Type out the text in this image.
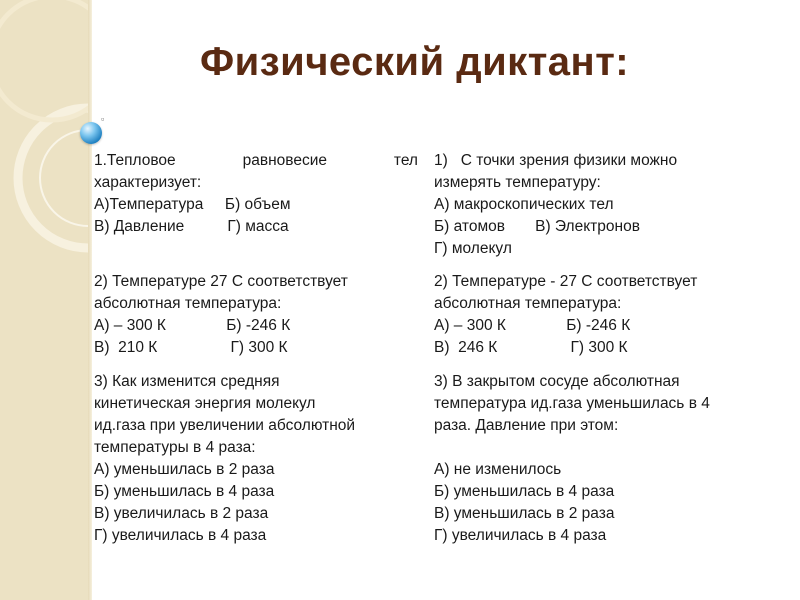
▫
Физический диктант:
1.Тепловое	равновесие	тел
характеризует:
А)Температура     Б) объем
В) Давление          Г) масса
2) Температуре 27 С соответствует
абсолютная температура:
А) – 300 К              Б) -246 К
В)  210 К                 Г) 300 К
3) Как изменится средняя
кинетическая энергия молекул
ид.газа при увеличении абсолютной
температуры в 4 раза:
А) уменьшилась в 2 раза
Б) уменьшилась в 4 раза
В) увеличилась в 2 раза
Г) увеличилась в 4 раза
1)   С точки зрения физики можно
измерять температуру:
А) макроскопических тел
Б) атомов       В) Электронов
Г) молекул
2) Температуре - 27 С соответствует
абсолютная температура:
А) – 300 К              Б) -246 К
В)  246 К                 Г) 300 К
3) В закрытом сосуде абсолютная
температура ид.газа уменьшилась в 4
раза. Давление при этом:
А) не изменилось
Б) уменьшилась в 4 раза
В) уменьшилась в 2 раза
Г) увеличилась в 4 раза
